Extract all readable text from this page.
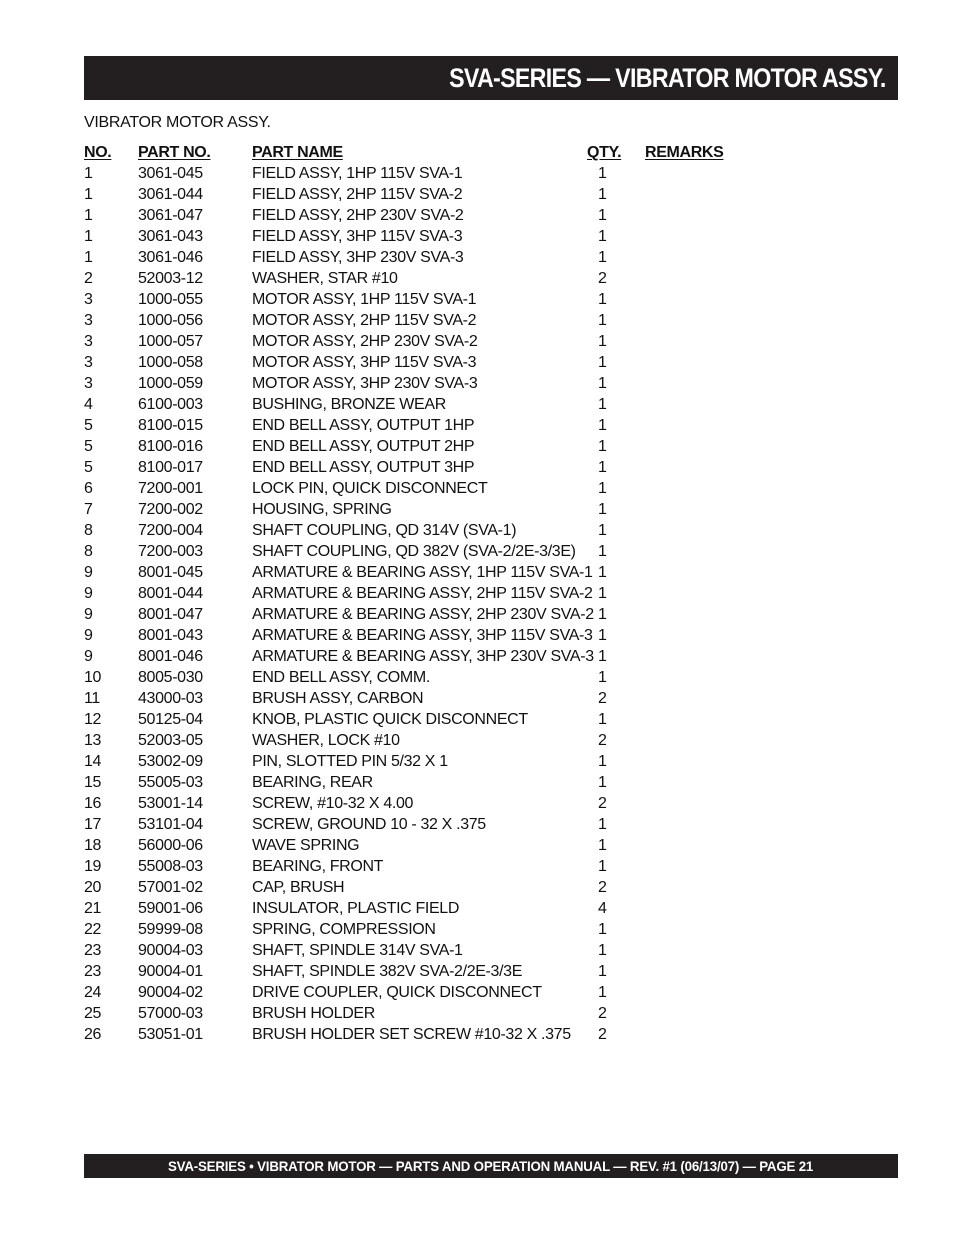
SVA-SERIES — VIBRATOR MOTOR ASSY.
VIBRATOR MOTOR ASSY.
NO. PART NO.	PART NAME	QTY. REMARKS
1	3061-045	FIELD ASSY, 1HP 115V SVA-1	1
1	3061-044	FIELD ASSY, 2HP 115V SVA-2	1
1	3061-047	FIELD ASSY, 2HP 230V SVA-2	1
1	3061-043	FIELD ASSY, 3HP 115V SVA-3	1
1	3061-046	FIELD ASSY, 3HP 230V SVA-3	1
2	52003-12	WASHER, STAR #10	2
3	1000-055	MOTOR ASSY, 1HP 115V SVA-1	1
3	1000-056	MOTOR ASSY, 2HP 115V SVA-2	1
3	1000-057	MOTOR ASSY, 2HP 230V SVA-2	1
3	1000-058	MOTOR ASSY, 3HP 115V SVA-3	1
3	1000-059	MOTOR ASSY, 3HP 230V SVA-3	1
4	6100-003	BUSHING, BRONZE WEAR	1
5	8100-015	END BELL ASSY, OUTPUT 1HP	1
5	8100-016	END BELL ASSY, OUTPUT 2HP	1
5	8100-017	END BELL ASSY, OUTPUT 3HP	1
6	7200-001	LOCK PIN, QUICK DISCONNECT	1
7	7200-002	HOUSING, SPRING	1
8	7200-004	SHAFT COUPLING, QD 314V (SVA-1)	1
8	7200-003	SHAFT COUPLING, QD 382V (SVA-2/2E-3/3E) 1
9	8001-045	ARMATURE & BEARING ASSY, 1HP 115V SVA-1 1
9	8001-044	ARMATURE & BEARING ASSY, 2HP 115V SVA-2 1
9	8001-047	ARMATURE & BEARING ASSY, 2HP 230V SVA-2 1
9	8001-043	ARMATURE & BEARING ASSY, 3HP 115V SVA-3 1
9	8001-046	ARMATURE & BEARING ASSY, 3HP 230V SVA-3 1
10 8005-030	END BELL ASSY, COMM.	1
11 43000-03	BRUSH ASSY, CARBON	2
12 50125-04	KNOB, PLASTIC QUICK DISCONNECT	1
13 52003-05	WASHER, LOCK #10	2
14 53002-09	PIN, SLOTTED PIN 5/32 X 1	1
15 55005-03	BEARING, REAR	1
16 53001-14	SCREW, #10-32 X 4.00	2
17 53101-04	SCREW, GROUND 10 - 32 X .375	1
18 56000-06	WAVE SPRING	1
19 55008-03	BEARING, FRONT	1
20 57001-02	CAP, BRUSH	2
21 59001-06	INSULATOR, PLASTIC FIELD	4
22 59999-08	SPRING, COMPRESSION	1
23 90004-03	SHAFT, SPINDLE 314V SVA-1	1
23 90004-01	SHAFT, SPINDLE 382V SVA-2/2E-3/3E	1
24 90004-02	DRIVE COUPLER, QUICK DISCONNECT	1
25 57000-03	BRUSH HOLDER	2
26 53051-01	BRUSH HOLDER SET SCREW #10-32 X .375 2
SVA-SERIES • VIBRATOR MOTOR — PARTS AND OPERATION MANUAL — REV. #1 (06/13/07) — PAGE 21
